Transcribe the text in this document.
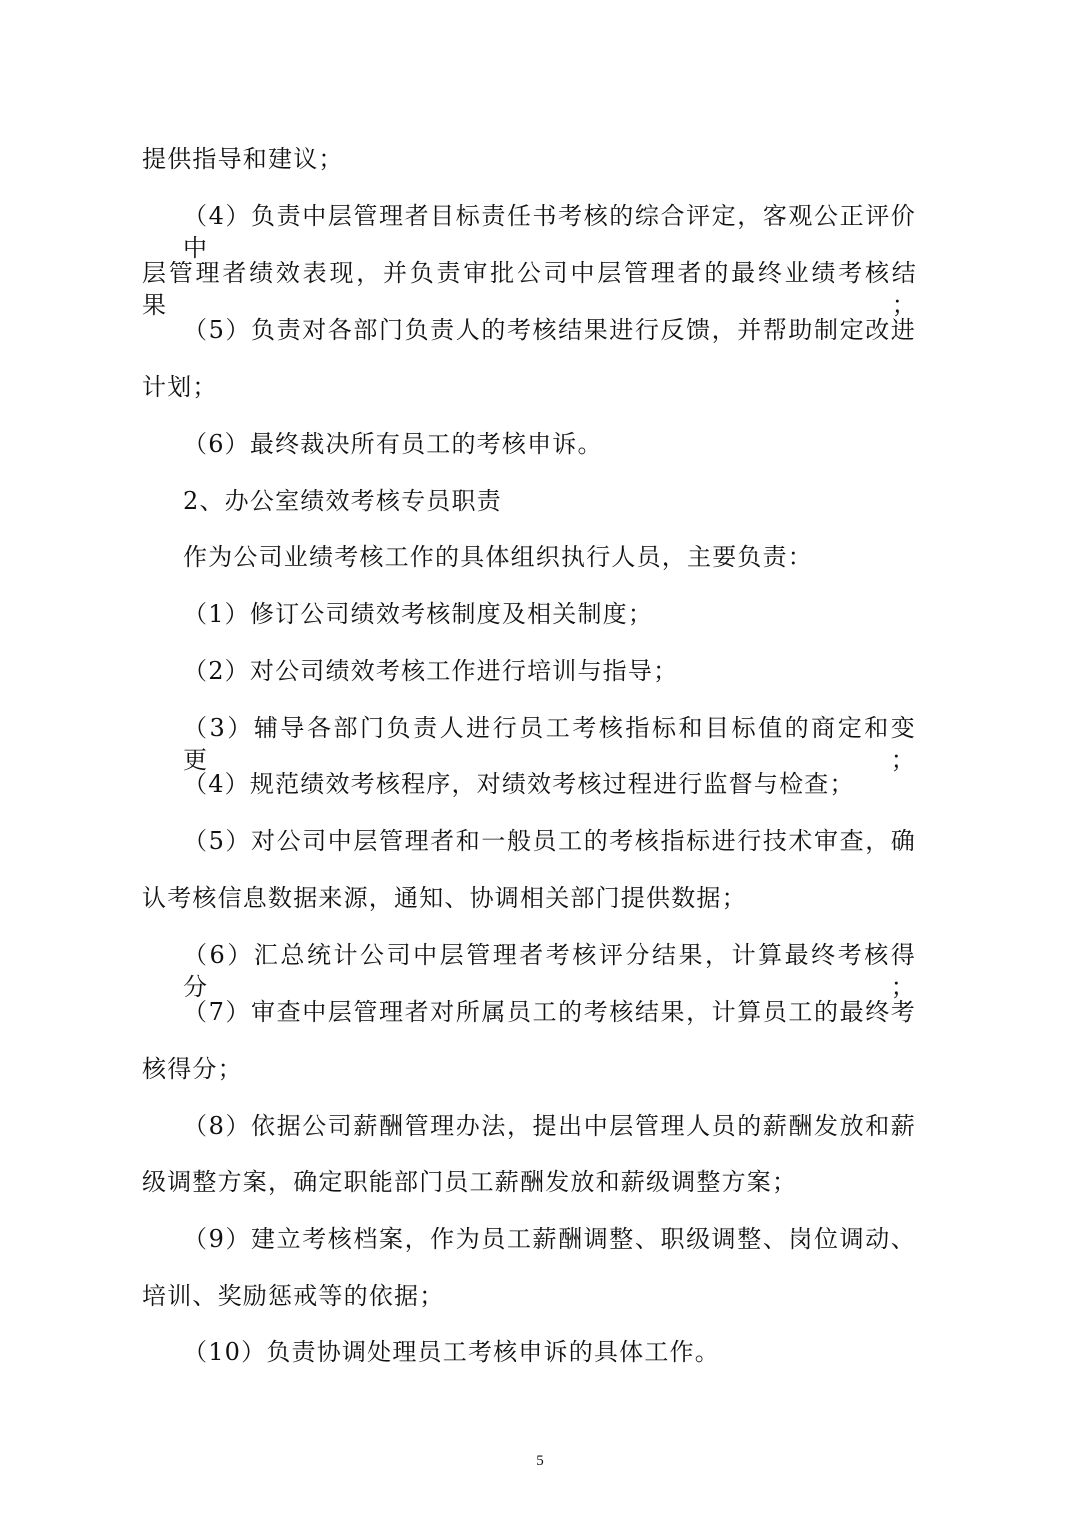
提供指导和建议；
（4）负责中层管理者目标责任书考核的综合评定，客观公正评价中
层管理者绩效表现，并负责审批公司中层管理者的最终业绩考核结果；
（5）负责对各部门负责人的考核结果进行反馈，并帮助制定改进
计划；
（6）最终裁决所有员工的考核申诉。
2、办公室绩效考核专员职责
作为公司业绩考核工作的具体组织执行人员，主要负责：
（1）修订公司绩效考核制度及相关制度；
（2）对公司绩效考核工作进行培训与指导；
（3）辅导各部门负责人进行员工考核指标和目标值的商定和变更；
（4）规范绩效考核程序，对绩效考核过程进行监督与检查；
（5）对公司中层管理者和一般员工的考核指标进行技术审查，确
认考核信息数据来源，通知、协调相关部门提供数据；
（6）汇总统计公司中层管理者考核评分结果，计算最终考核得分；
（7）审查中层管理者对所属员工的考核结果，计算员工的最终考
核得分；
（8）依据公司薪酬管理办法，提出中层管理人员的薪酬发放和薪
级调整方案，确定职能部门员工薪酬发放和薪级调整方案；
（9）建立考核档案，作为员工薪酬调整、职级调整、岗位调动、
培训、奖励惩戒等的依据；
（10）负责协调处理员工考核申诉的具体工作。
5
